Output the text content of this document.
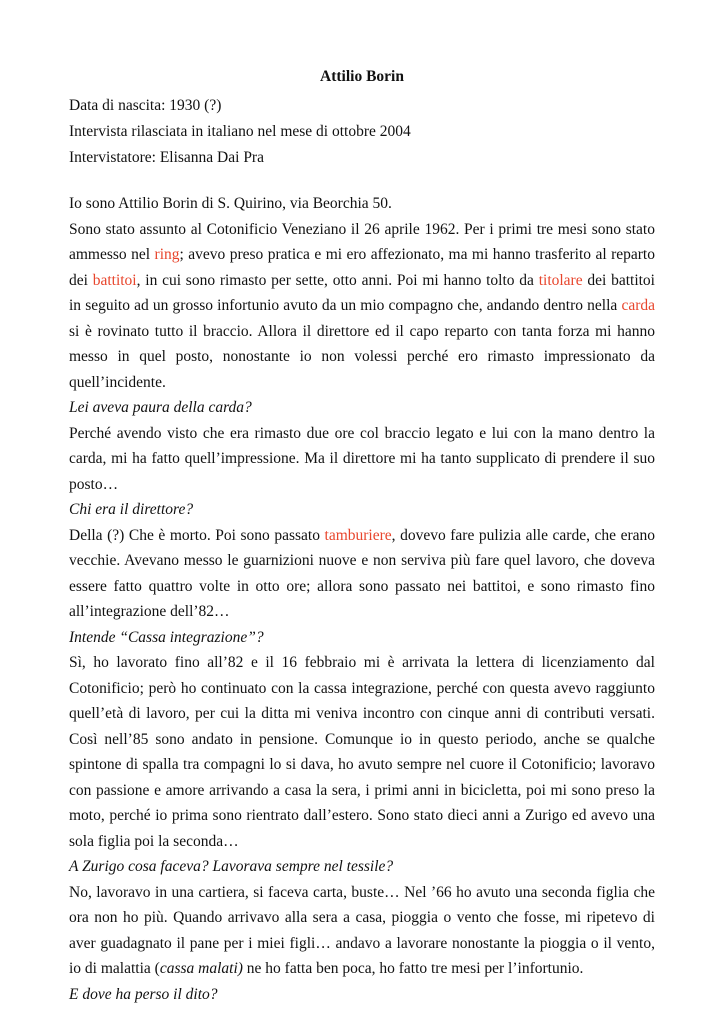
Attilio Borin
Data di nascita: 1930 (?)
Intervista rilasciata in italiano nel mese di ottobre 2004
Intervistatore: Elisanna Dai Pra

Io sono Attilio Borin di S. Quirino, via Beorchia 50.

Sono stato assunto al Cotonificio Veneziano il 26 aprile 1962. Per i primi tre mesi sono stato ammesso nel ring; avevo preso pratica e mi ero affezionato, ma mi hanno trasferito al reparto dei battitoi, in cui sono rimasto per sette, otto anni. Poi mi hanno tolto da titolare dei battitoi in seguito ad un grosso infortunio avuto da un mio compagno che, andando dentro nella carda si è rovinato tutto il braccio. Allora il direttore ed il capo reparto con tanta forza mi hanno messo in quel posto, nonostante io non volessi perché ero rimasto impressionato da quell’incidente.

Lei aveva paura della carda?

Perché avendo visto che era rimasto due ore col braccio legato e lui con la mano dentro la carda, mi ha fatto quell’impressione. Ma il direttore mi ha tanto supplicato di prendere il suo posto…

Chi era il direttore?

Della (?) Che è morto. Poi sono passato tamburiere, dovevo fare pulizia alle carde, che erano vecchie. Avevano messo le guarnizioni nuove e non serviva più fare quel lavoro, che doveva essere fatto quattro volte in otto ore; allora sono passato nei battitoi, e sono rimasto fino all’integrazione dell’82…

Intende “Cassa integrazione”?

Sì, ho lavorato fino all’82 e il 16 febbraio mi è arrivata la lettera di licenziamento dal Cotonificio; però ho continuato con la cassa integrazione, perché con questa avevo raggiunto quell’età di lavoro, per cui la ditta mi veniva incontro con cinque anni di contributi versati. Così nell’85 sono andato in pensione. Comunque io in questo periodo, anche se qualche spintone di spalla tra compagni lo si dava, ho avuto sempre nel cuore il Cotonificio; lavoravo con passione e amore arrivando a casa la sera, i primi anni in bicicletta, poi mi sono preso la moto, perché io prima sono rientrato dall’estero. Sono stato dieci anni a Zurigo ed avevo una sola figlia poi la seconda…

A Zurigo cosa faceva? Lavorava sempre nel tessile?

No, lavoravo in una cartiera, si faceva carta, buste… Nel ’66 ho avuto una seconda figlia che ora non ho più. Quando arrivavo alla sera a casa, pioggia o vento che fosse, mi ripetevo di aver guadagnato il pane per i miei figli… andavo a lavorare nonostante la pioggia o il vento, io di malattia (cassa malati) ne ho fatta ben poca, ho fatto tre mesi per l’infortunio.

E dove ha perso il dito?
